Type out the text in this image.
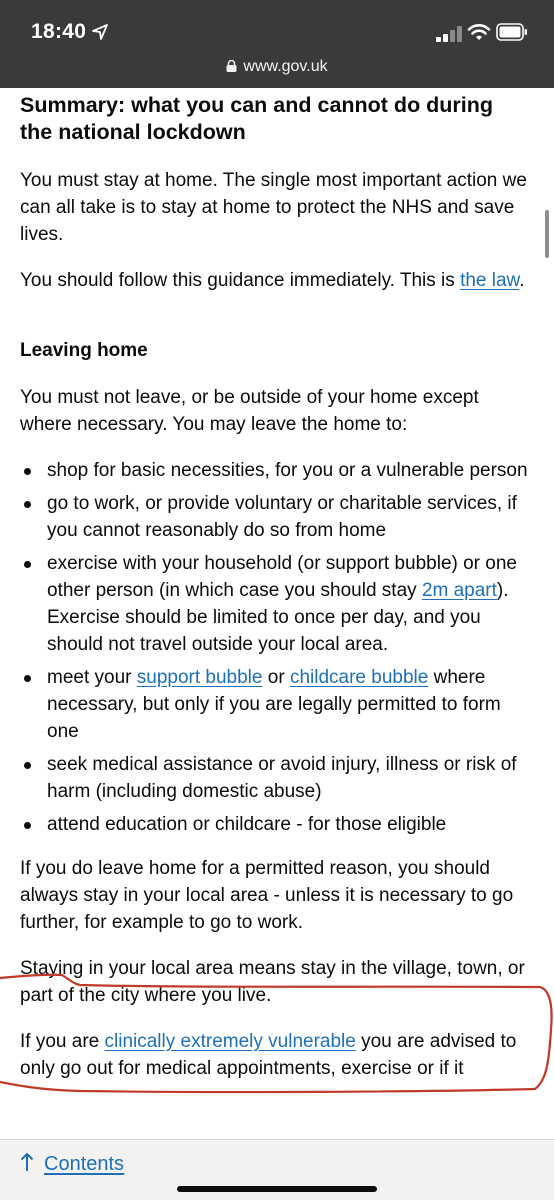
18:40
www.gov.uk
Summary: what you can and cannot do during the national lockdown

You must stay at home. The single most important action we can all take is to stay at home to protect the NHS and save lives.

You should follow this guidance immediately. This is the law.

Leaving home

You must not leave, or be outside of your home except where necessary. You may leave the home to:

shop for basic necessities, for you or a vulnerable person
go to work, or provide voluntary or charitable services, if you cannot reasonably do so from home
exercise with your household (or support bubble) or one other person (in which case you should stay 2m apart). Exercise should be limited to once per day, and you should not travel outside your local area.
meet your support bubble or childcare bubble where necessary, but only if you are legally permitted to form one
seek medical assistance or avoid injury, illness or risk of harm (including domestic abuse)
attend education or childcare - for those eligible

If you do leave home for a permitted reason, you should always stay in your local area - unless it is necessary to go further, for example to go to work.

Staying in your local area means stay in the village, town, or part of the city where you live.

If you are clinically extremely vulnerable you are advised to only go out for medical appointments, exercise or if it

Contents
